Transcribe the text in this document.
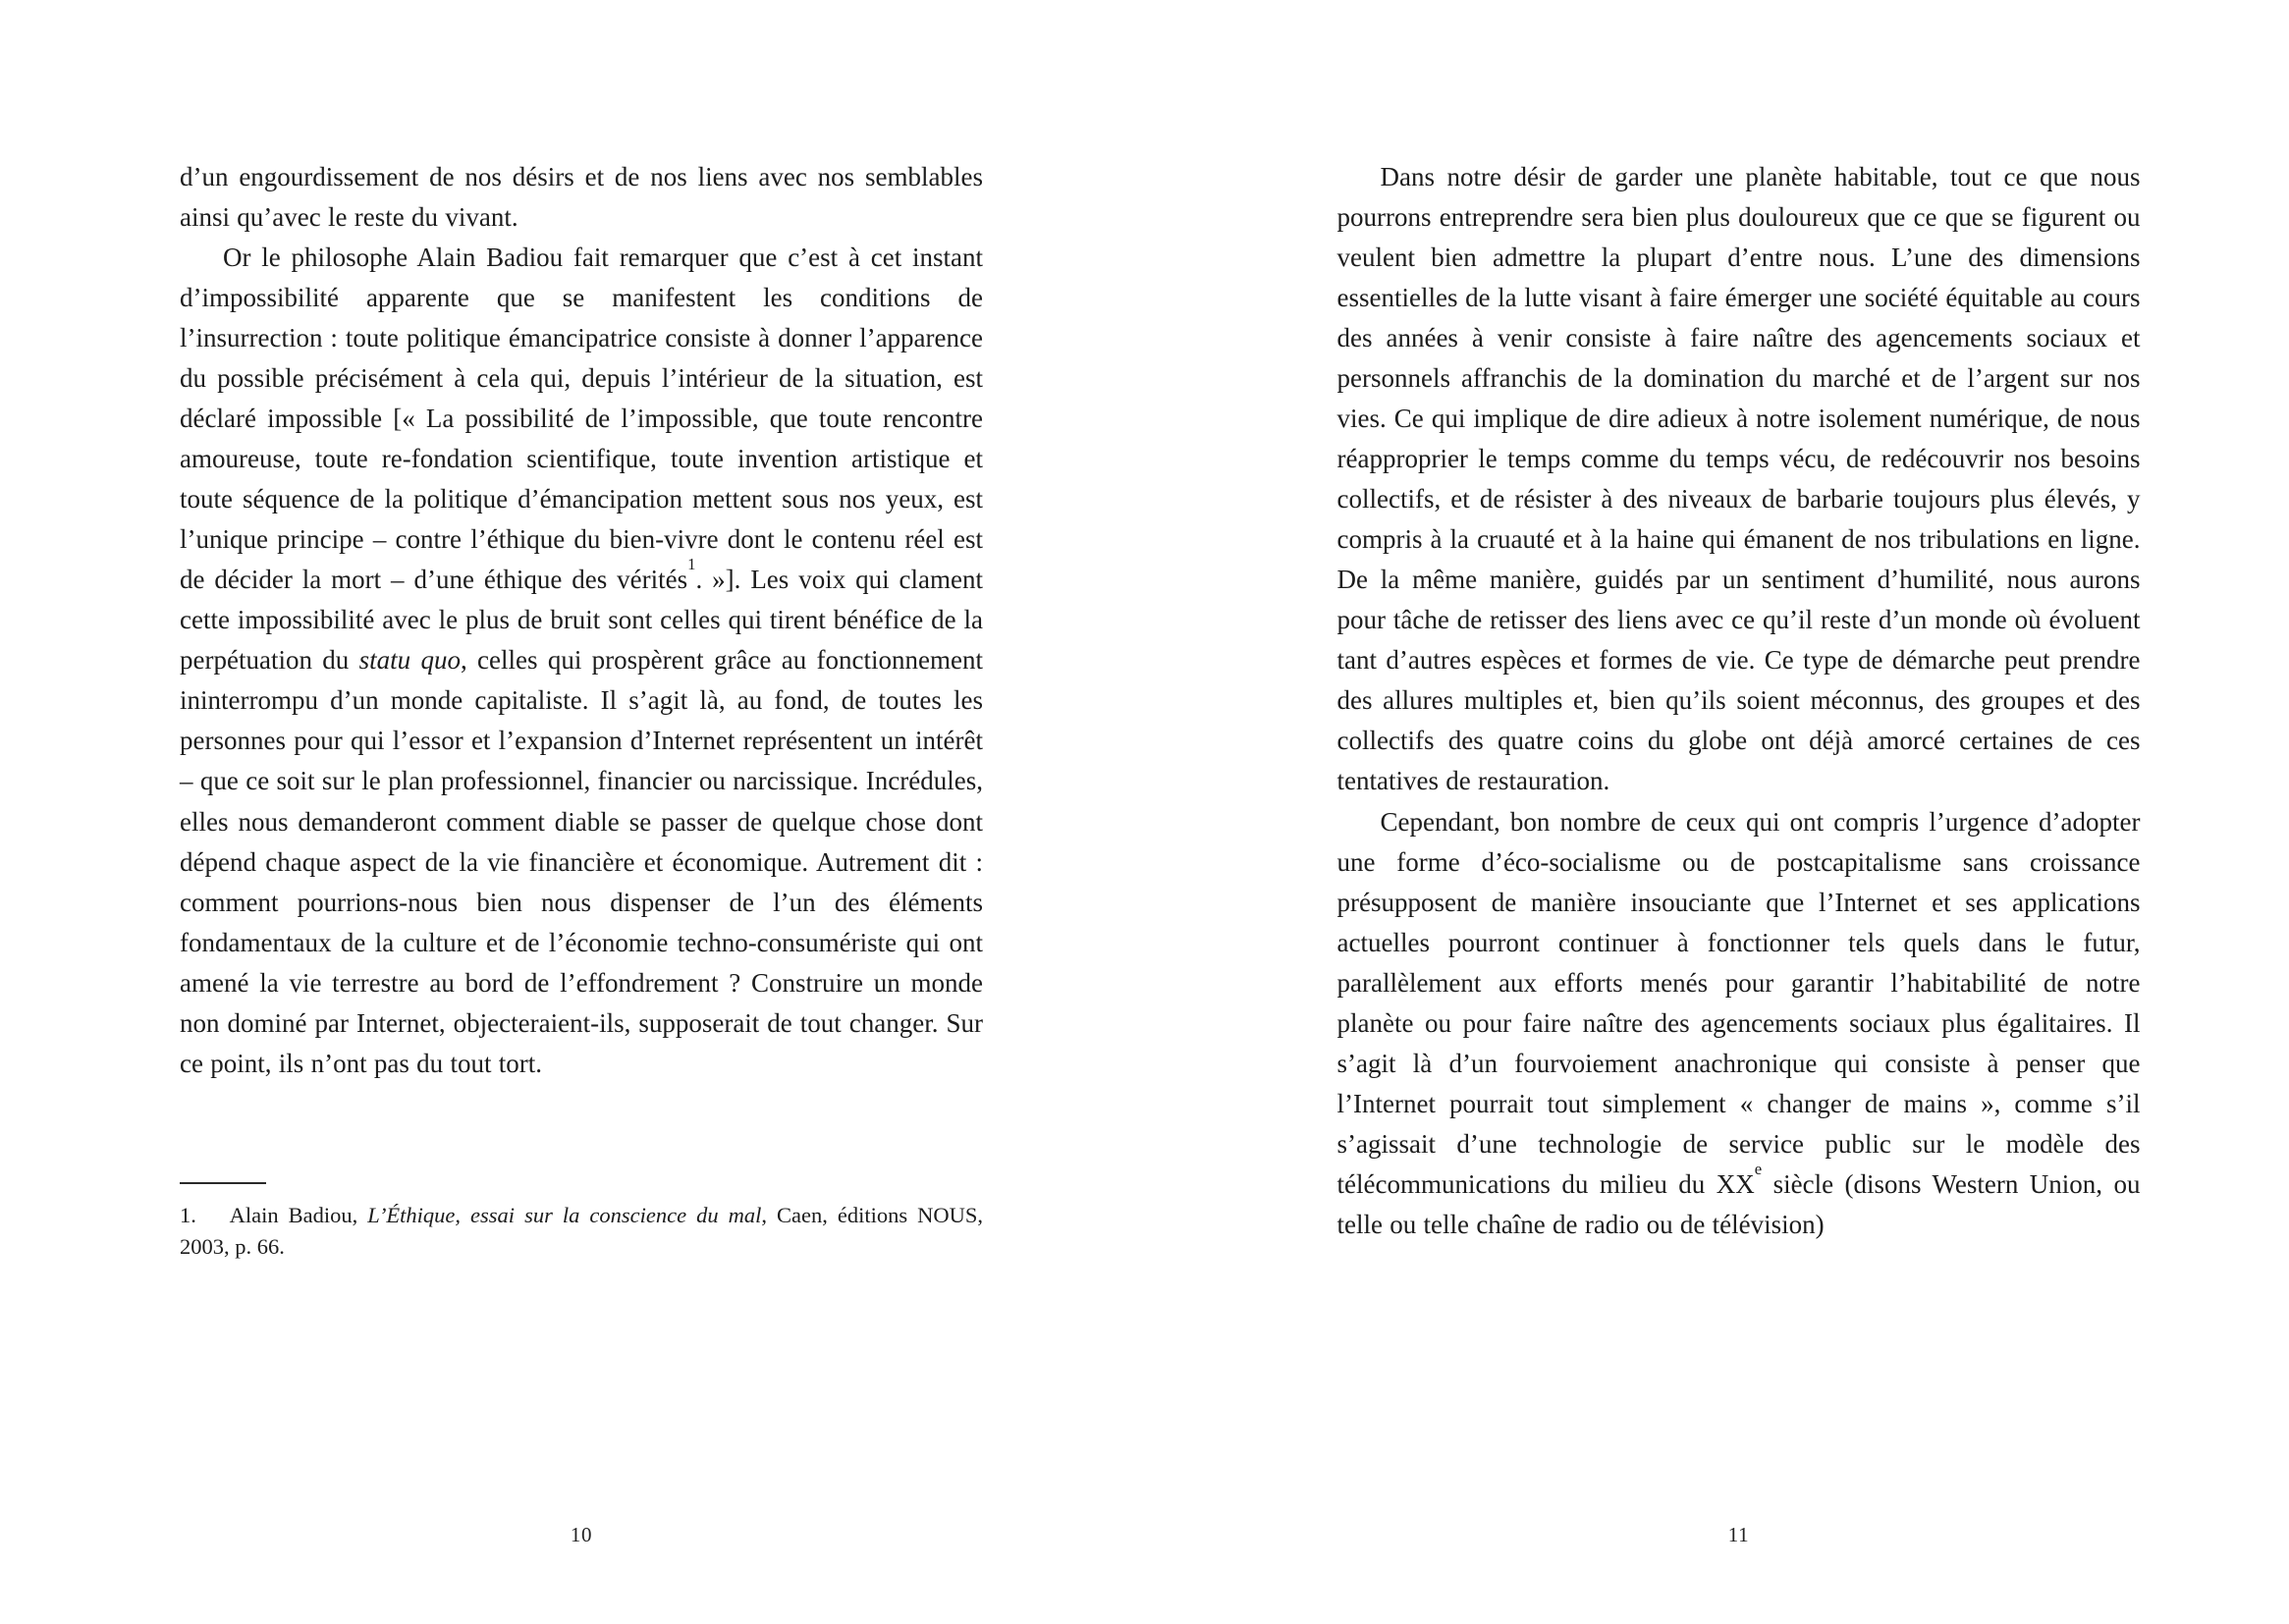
d’un engourdissement de nos désirs et de nos liens avec nos semblables ainsi qu’avec le reste du vivant.

Or le philosophe Alain Badiou fait remarquer que c’est à cet instant d’impossibilité apparente que se manifestent les conditions de l’insurrection : toute politique émancipatrice consiste à donner l’apparence du possible précisément à cela qui, depuis l’intérieur de la situation, est déclaré impossible [« La possibilité de l’impossible, que toute rencontre amoureuse, toute re-fondation scientifique, toute invention artistique et toute séquence de la politique d’émancipation mettent sous nos yeux, est l’unique principe – contre l’éthique du bien-vivre dont le contenu réel est de décider la mort – d’une éthique des vérités$^1$. »]. Les voix qui clament cette impossibilité avec le plus de bruit sont celles qui tirent bénéfice de la perpétuation du statu quo, celles qui prospèrent grâce au fonctionnement ininterrompu d’un monde capitaliste. Il s’agit là, au fond, de toutes les personnes pour qui l’essor et l’expansion d’Internet représentent un intérêt – que ce soit sur le plan professionnel, financier ou narcissique. Incrédules, elles nous demanderont comment diable se passer de quelque chose dont dépend chaque aspect de la vie financière et économique. Autrement dit : comment pourrions-nous bien nous dispenser de l’un des éléments fondamentaux de la culture et de l’économie techno-consumériste qui ont amené la vie terrestre au bord de l’effondrement ? Construire un monde non dominé par Internet, objecteraient-ils, supposerait de tout changer. Sur ce point, ils n’ont pas du tout tort.

1.  Alain Badiou, L’Éthique, essai sur la conscience du mal, Caen, éditions NOUS, 2003, p. 66.

10

Dans notre désir de garder une planète habitable, tout ce que nous pourrons entreprendre sera bien plus douloureux que ce que se figurent ou veulent bien admettre la plupart d’entre nous. L’une des dimensions essentielles de la lutte visant à faire émerger une société équitable au cours des années à venir consiste à faire naître des agencements sociaux et personnels affranchis de la domination du marché et de l’argent sur nos vies. Ce qui implique de dire adieux à notre isolement numérique, de nous réapproprier le temps comme du temps vécu, de redécouvrir nos besoins collectifs, et de résister à des niveaux de barbarie toujours plus élevés, y compris à la cruauté et à la haine qui émanent de nos tribulations en ligne. De la même manière, guidés par un sentiment d’humilité, nous aurons pour tâche de retisser des liens avec ce qu’il reste d’un monde où évoluent tant d’autres espèces et formes de vie. Ce type de démarche peut prendre des allures multiples et, bien qu’ils soient méconnus, des groupes et des collectifs des quatre coins du globe ont déjà amorcé certaines de ces tentatives de restauration.

Cependant, bon nombre de ceux qui ont compris l’urgence d’adopter une forme d’éco-socialisme ou de postcapitalisme sans croissance présupposent de manière insouciante que l’Internet et ses applications actuelles pourront continuer à fonctionner tels quels dans le futur, parallèlement aux efforts menés pour garantir l’habitabilité de notre planète ou pour faire naître des agencements sociaux plus égalitaires. Il s’agit là d’un fourvoiement anachronique qui consiste à penser que l’Internet pourrait tout simplement « changer de mains », comme s’il s’agissait d’une technologie de service public sur le modèle des télécommunications du milieu du XXe siècle (disons Western Union, ou telle ou telle chaîne de radio ou de télévision)

11
